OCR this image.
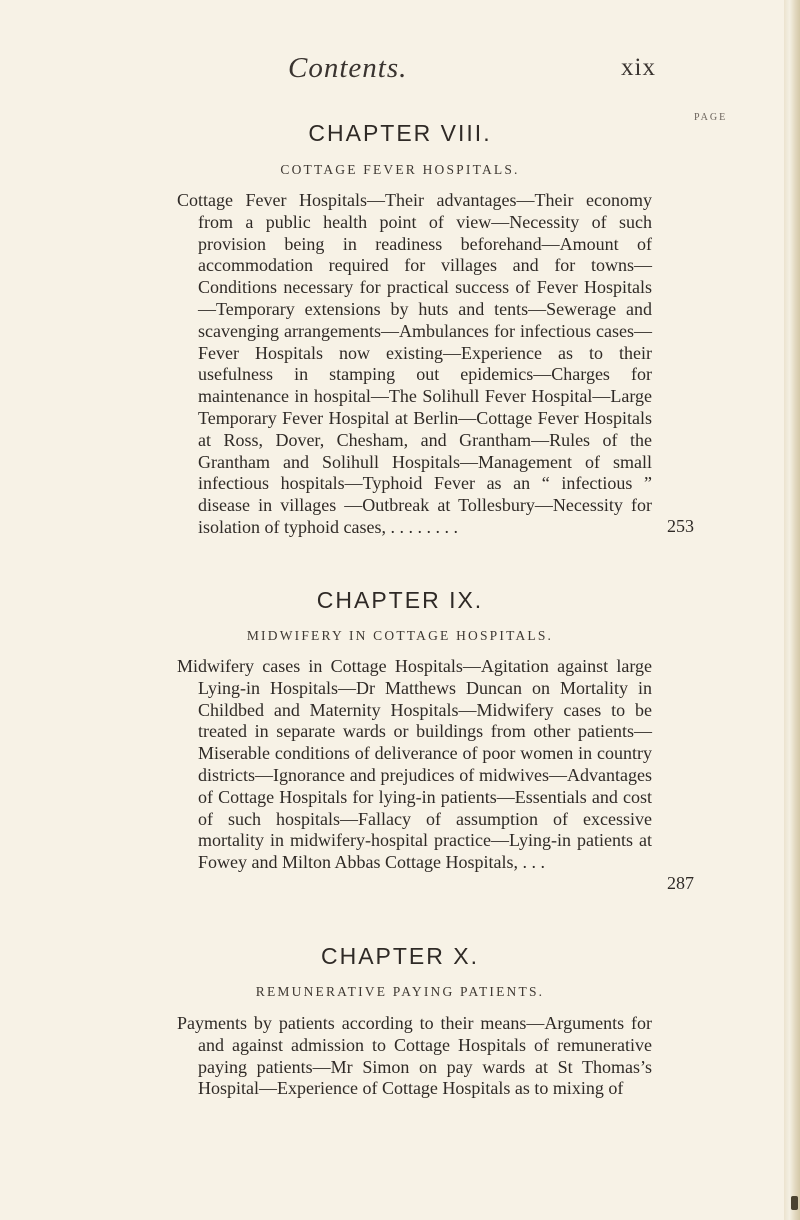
Contents.	xix
PAGE
CHAPTER VIII.
COTTAGE FEVER HOSPITALS.

Cottage Fever Hospitals—Their advantages—Their economy from a public health point of view—Necessity of such provision being in readiness beforehand—Amount of accommodation required for villages and for towns—Conditions necessary for practical success of Fever Hospitals—Temporary extensions by huts and tents—Sewerage and scavenging arrangements—Ambulances for infectious cases—Fever Hospitals now existing—Experience as to their usefulness in stamping out epidemics—Charges for maintenance in hospital—The Solihull Fever Hospital—Large Temporary Fever Hospital at Berlin—Cottage Fever Hospitals at Ross, Dover, Chesham, and Grantham—Rules of the Grantham and Solihull Hospitals—Management of small infectious hospitals—Typhoid Fever as an “ infectious ” disease in villages —Outbreak at Tollesbury—Necessity for isolation of typhoid cases, . . . . . . . .	253
CHAPTER IX.
MIDWIFERY IN COTTAGE HOSPITALS.

Midwifery cases in Cottage Hospitals—Agitation against large Lying-in Hospitals—Dr Matthews Duncan on Mortality in Childbed and Maternity Hospitals—Midwifery cases to be treated in separate wards or buildings from other patients— Miserable conditions of deliverance of poor women in country districts—Ignorance and prejudices of midwives—Advantages of Cottage Hospitals for lying-in patients—Essentials and cost of such hospitals—Fallacy of assumption of excessive mortality in midwifery-hospital practice—Lying-in patients at Fowey and Milton Abbas Cottage Hospitals, . . .

287
CHAPTER X.
REMUNERATIVE PAYING PATIENTS.

Payments by patients according to their means—Arguments for and against admission to Cottage Hospitals of remunerative paying patients—Mr Simon on pay wards at St Thomas’s Hospital—Experience of Cottage Hospitals as to mixing of
